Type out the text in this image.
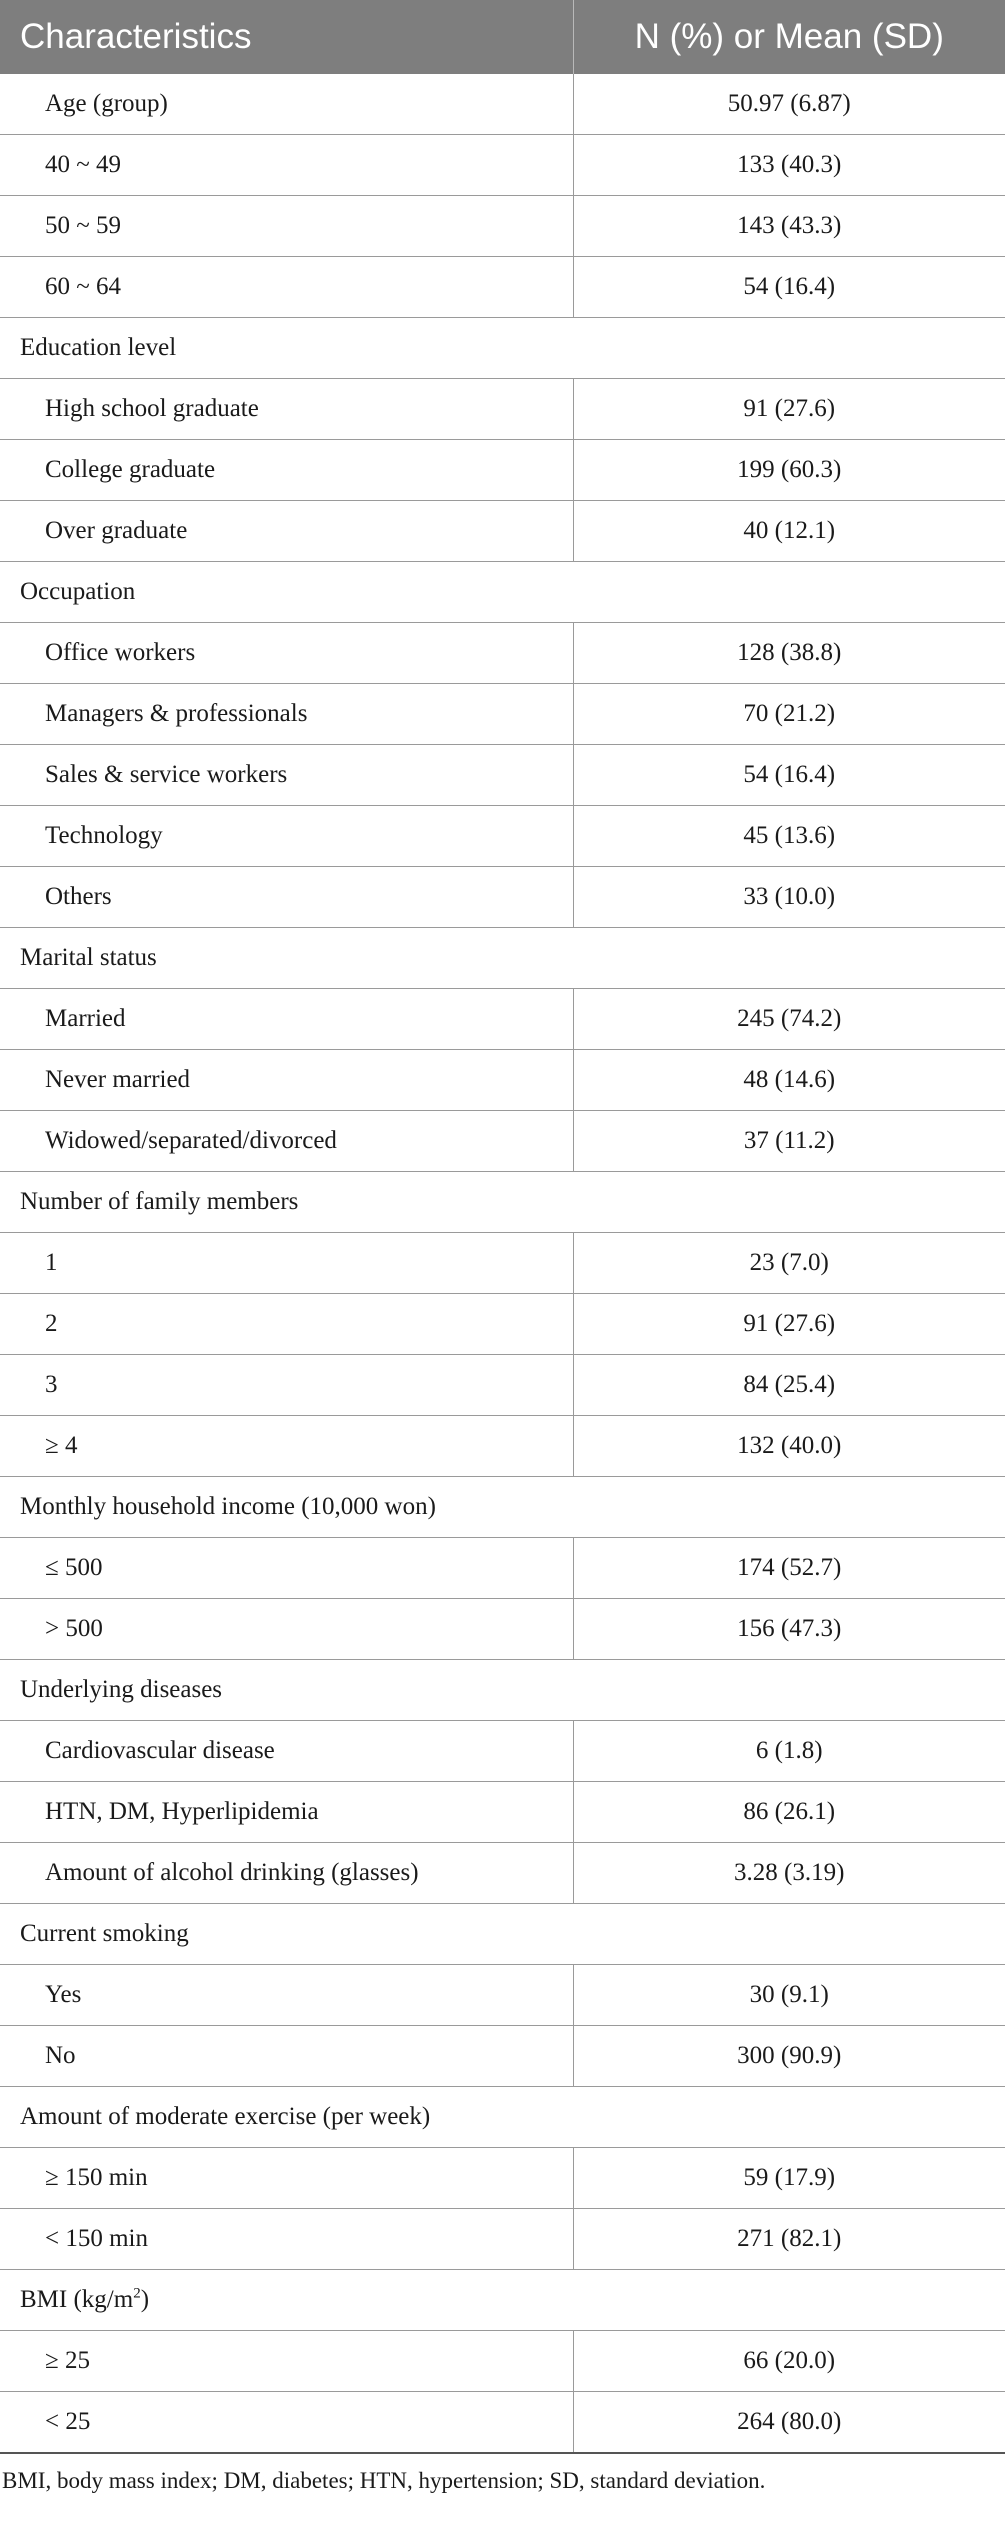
Characteristics	N (%) or Mean (SD)
Age (group)	50.97 (6.87)
40 ~ 49	133 (40.3)
50 ~ 59	143 (43.3)
60 ~ 64	54 (16.4)
Education level	
High school graduate	91 (27.6)
College graduate	199 (60.3)
Over graduate	40 (12.1)
Occupation	
Office workers	128 (38.8)
Managers & professionals	70 (21.2)
Sales & service workers	54 (16.4)
Technology	45 (13.6)
Others	33 (10.0)
Marital status	
Married	245 (74.2)
Never married	48 (14.6)
Widowed/separated/divorced	37 (11.2)
Number of family members	
1	23 (7.0)
2	91 (27.6)
3	84 (25.4)
≥ 4	132 (40.0)
Monthly household income (10,000 won)	
≤ 500	174 (52.7)
> 500	156 (47.3)
Underlying diseases	
Cardiovascular disease	6 (1.8)
HTN, DM, Hyperlipidemia	86 (26.1)
Amount of alcohol drinking (glasses)	3.28 (3.19)
Current smoking	
Yes	30 (9.1)
No	300 (90.9)
Amount of moderate exercise (per week)	
≥ 150 min	59 (17.9)
< 150 min	271 (82.1)
BMI $(kg/m^2)$	
≥ 25	66 (20.0)
< 25	264 (80.0)
BMI, body mass index; DM, diabetes; HTN, hypertension; SD, standard deviation.
